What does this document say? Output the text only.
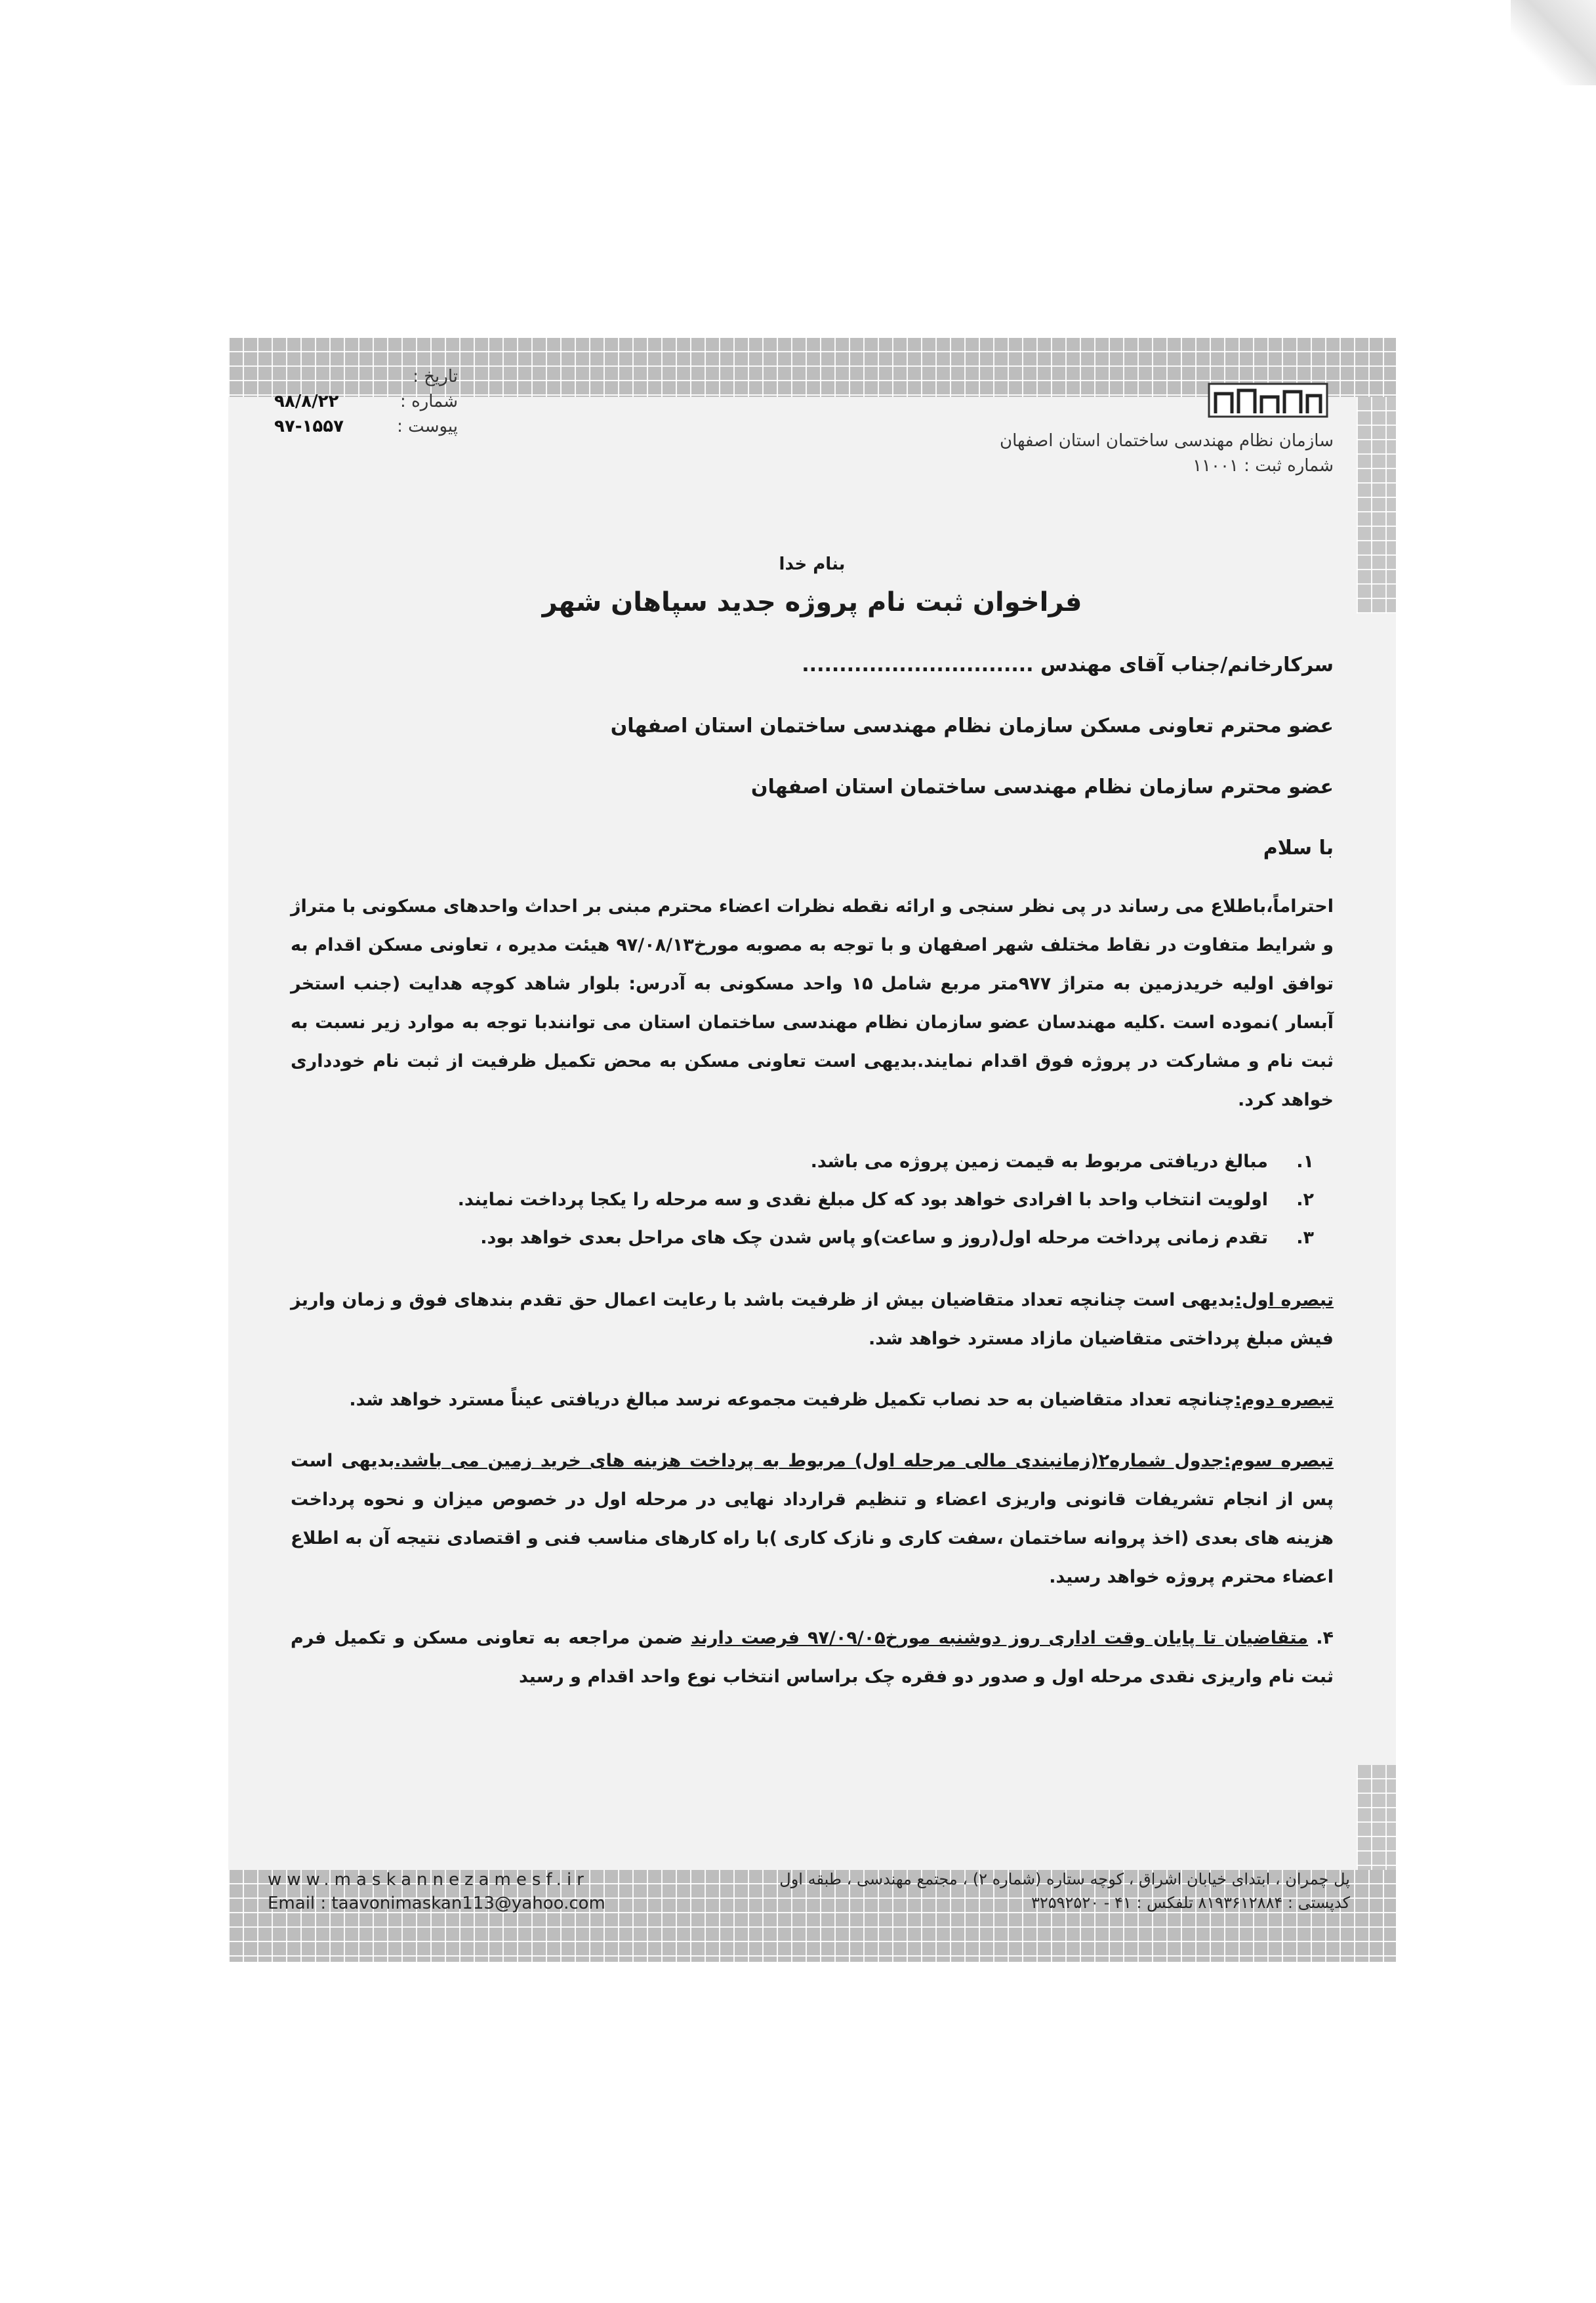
سازمان نظام مهندسی ساختمان استان اصفهان
شماره ثبت : ۱۱۰۰۱
تاریخ :
شماره :
۹۸/۸/۲۲
پیوست :
۹۷-۱۵۵۷
بنام خدا
فراخوان ثبت نام پروژه جدید سپاهان شهر
سرکارخانم/جناب آقای مهندس ...............................
عضو محترم تعاونی مسکن سازمان نظام مهندسی ساختمان استان اصفهان
عضو محترم سازمان نظام مهندسی ساختمان استان اصفهان
با سلام
احتراماً،باطلاع می رساند در پی نظر سنجی و ارائه نقطه نظرات اعضاء محترم مبنی بر احداث واحدهای مسکونی با متراژ و شرایط متفاوت در نقاط مختلف شهر اصفهان و با توجه به مصوبه مورخ۹۷/۰۸/۱۳ هیئت مدیره ، تعاونی مسکن اقدام به توافق اولیه خریدزمین به متراژ ۹۷۷متر مربع شامل ۱۵ واحد مسکونی به آدرس: بلوار شاهد کوچه هدایت (جنب استخر آبسار )نموده است .کلیه مهندسان عضو سازمان نظام مهندسی ساختمان استان می توانندبا توجه به موارد زیر نسبت به ثبت نام و مشارکت در پروژه فوق اقدام نمایند.بدیهی است تعاونی مسکن به محض تکمیل ظرفیت از ثبت نام خودداری خواهد کرد.
۱.
مبالغ دریافتی مربوط به قیمت زمین پروژه می باشد.
۲.
اولویت انتخاب واحد با افرادی خواهد بود که کل مبلغ نقدی و سه مرحله را یکجا پرداخت نمایند.
۳.
تقدم زمانی پرداخت مرحله اول(روز و ساعت)و پاس شدن چک های مراحل بعدی خواهد بود.
تبصره اول:بدیهی است چنانچه تعداد متقاضیان بیش از ظرفیت باشد با رعایت اعمال حق تقدم بندهای فوق و زمان واریز فیش مبلغ پرداختی متقاضیان مازاد مسترد خواهد شد.
تبصره دوم:چنانچه تعداد متقاضیان به حد نصاب تکمیل ظرفیت مجموعه نرسد مبالغ دریافتی عیناً مسترد خواهد شد.
تبصره سوم:جدول شماره۲(زمانبندی مالی مرحله اول) مربوط به پرداخت هزینه های خرید زمین می باشد.بدیهی است پس از انجام تشریفات قانونی واریزی اعضاء و تنظیم قرارداد نهایی در مرحله اول در خصوص میزان و نحوه پرداخت هزینه های بعدی (اخذ پروانه ساختمان ،سفت کاری و نازک کاری )با راه کارهای مناسب فنی و اقتصادی نتیجه آن به اطلاع اعضاء محترم پروژه خواهد رسید.
۴. متقاضیان تا پایان وقت اداری روز دوشنبه مورخ۹۷/۰۹/۰۵ فرصت دارند ضمن مراجعه به تعاونی مسکن و تکمیل فرم ثبت نام واریزی نقدی مرحله اول و صدور دو فقره چک براساس انتخاب نوع واحد اقدام و رسید
www.maskannezamesf.ir
Email : taavonimaskan113@yahoo.com
پل چمران ، ابتدای خیابان اشراق ، کوچه ستاره (شماره ۲) ، مجتمع مهندسی ، طبقه اول
کدپستی : ۸۱۹۳۶۱۲۸۸۴ تلفکس : ۴۱ - ۳۲۵۹۲۵۲۰
